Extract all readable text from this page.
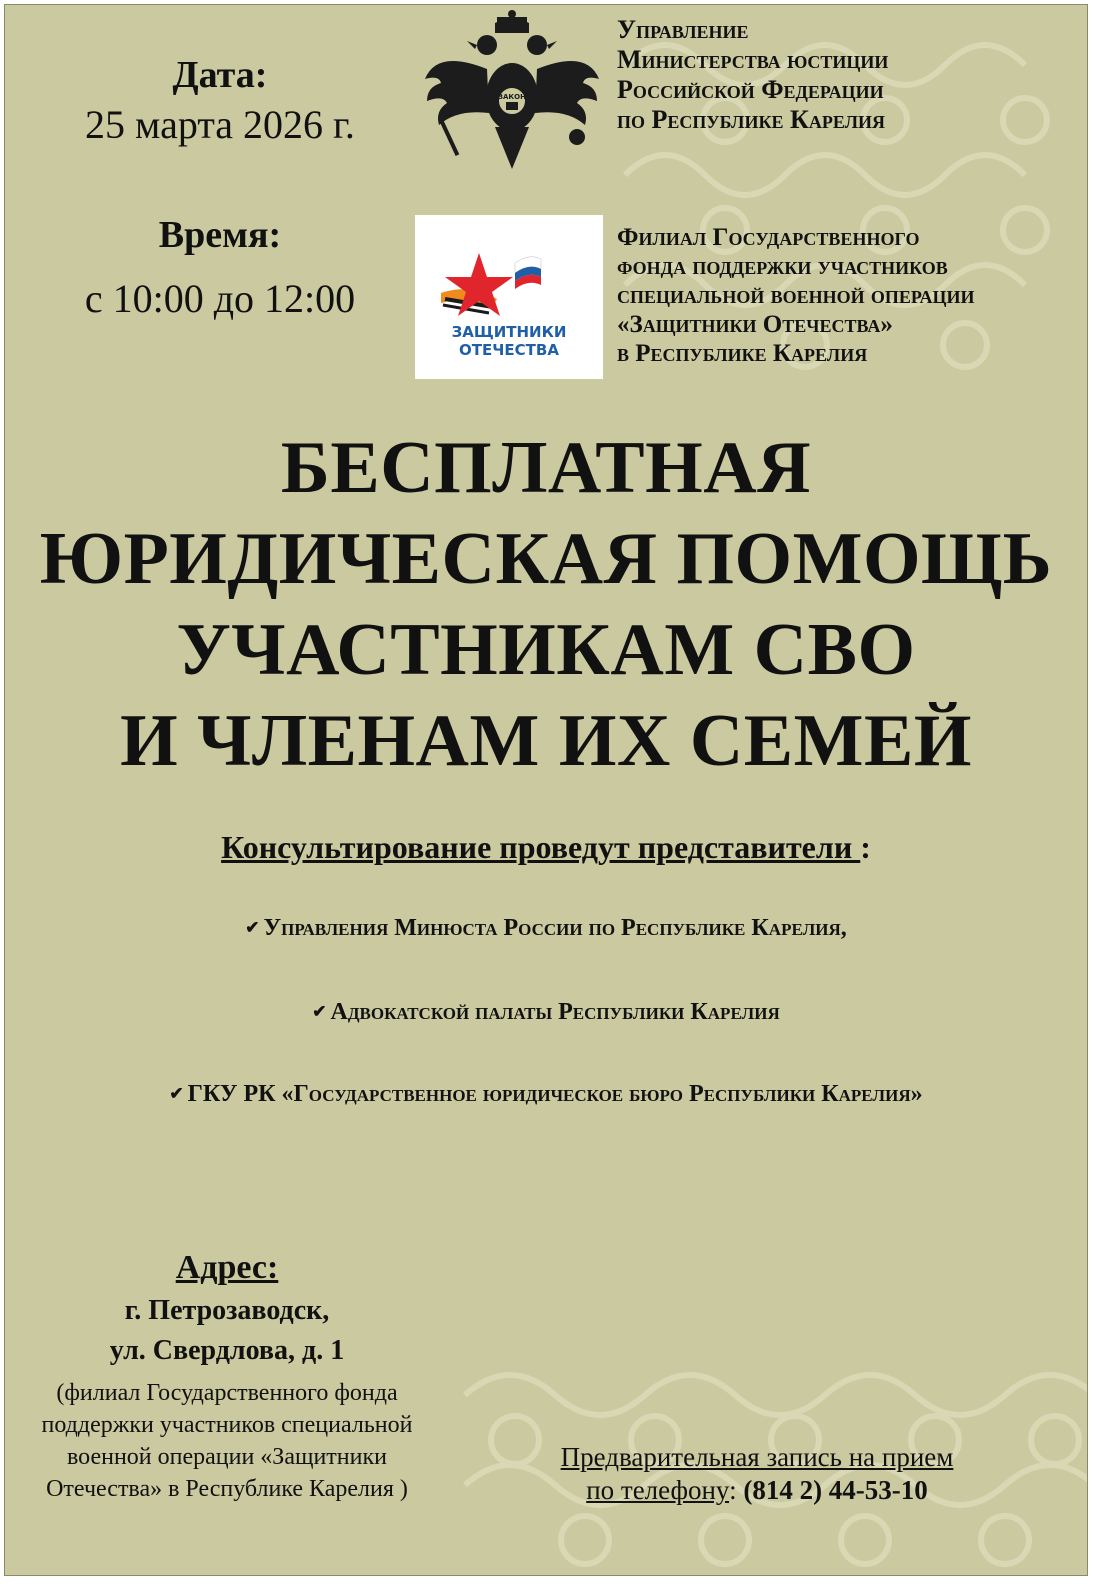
Дата:

25 марта 2026 г.

Время:

с 10:00 до 12:00

ЗАКОН
Управление
Министерства юстиции
Российской Федерации
по Республике Карелия
ЗАЩИТНИКИ
ОТЕЧЕСТВА
Филиал Государственного
фонда поддержки участников
специальной военной операции
«Защитники Отечества»
в Республике Карелия
БЕСПЛАТНАЯ
ЮРИДИЧЕСКАЯ ПОМОЩЬ
УЧАСТНИКАМ СВО
И ЧЛЕНАМ ИХ СЕМЕЙ
Консультирование проведут представители :
✔ Управления Минюста России по Республике Карелия,
✔ Адвокатской палаты Республики Карелия
✔ ГКУ РК «Государственное юридическое бюро Республики Карелия»

Адрес:

г. Петрозаводск,

ул. Свердлова, д. 1

(филиал Государственного фонда поддержки участников специальной военной операции «Защитники Отечества» в Республике Карелия )

Предварительная запись на прием
по телефону: (814 2) 44-53-10
